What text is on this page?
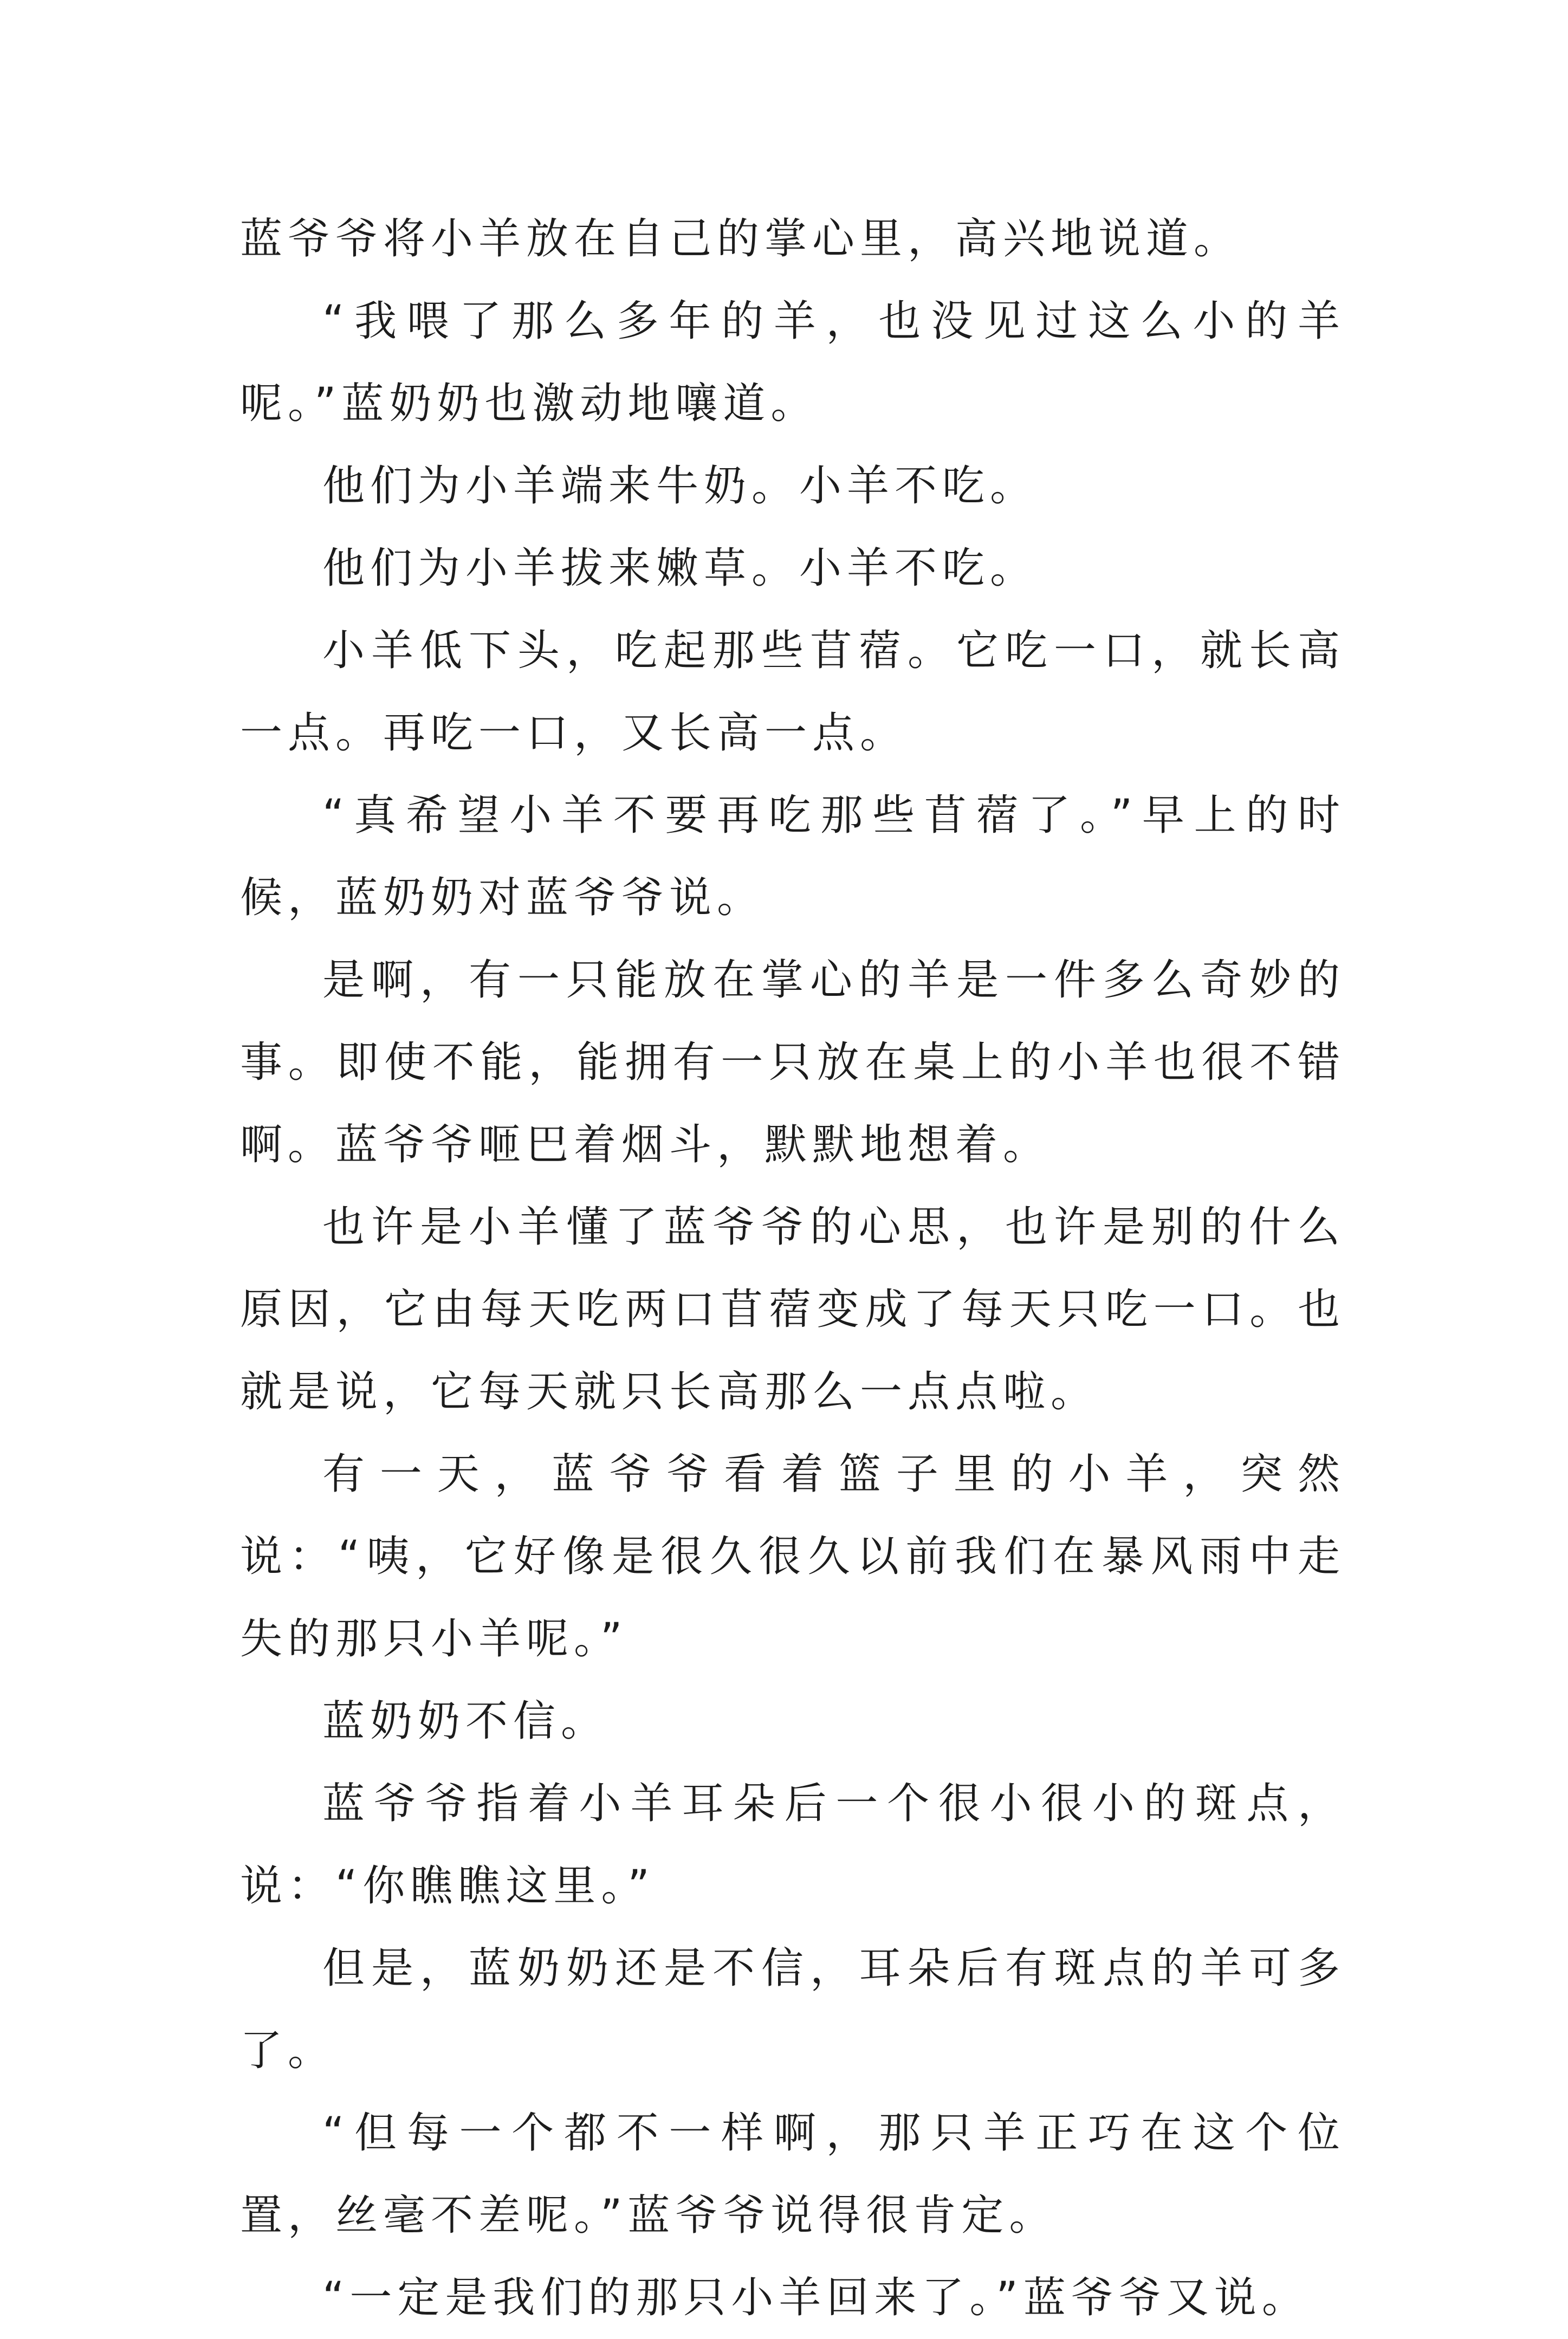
蓝爷爷将小羊放在自己的掌心里，高兴地说道。

“我喂了那么多年的羊，也没见过这么小的羊呢。”蓝奶奶也激动地嚷道。

他们为小羊端来牛奶。小羊不吃。

他们为小羊拔来嫩草。小羊不吃。

小羊低下头，吃起那些苜蓿。它吃一口，就长高一点。再吃一口，又长高一点。

“真希望小羊不要再吃那些苜蓿了。”早上的时候，蓝奶奶对蓝爷爷说。

是啊，有一只能放在掌心的羊是一件多么奇妙的事。即使不能，能拥有一只放在桌上的小羊也很不错啊。蓝爷爷咂巴着烟斗，默默地想着。

也许是小羊懂了蓝爷爷的心思，也许是别的什么原因，它由每天吃两口苜蓿变成了每天只吃一口。也就是说，它每天就只长高那么一点点啦。

有一天，蓝爷爷看着篮子里的小羊，突然说：“咦，它好像是很久很久以前我们在暴风雨中走失的那只小羊呢。”

蓝奶奶不信。

蓝爷爷指着小羊耳朵后一个很小很小的斑点，说：“你瞧瞧这里。”

但是，蓝奶奶还是不信，耳朵后有斑点的羊可多了。

“但每一个都不一样啊，那只羊正巧在这个位置，丝毫不差呢。”蓝爷爷说得很肯定。

“一定是我们的那只小羊回来了。”蓝爷爷又说。
